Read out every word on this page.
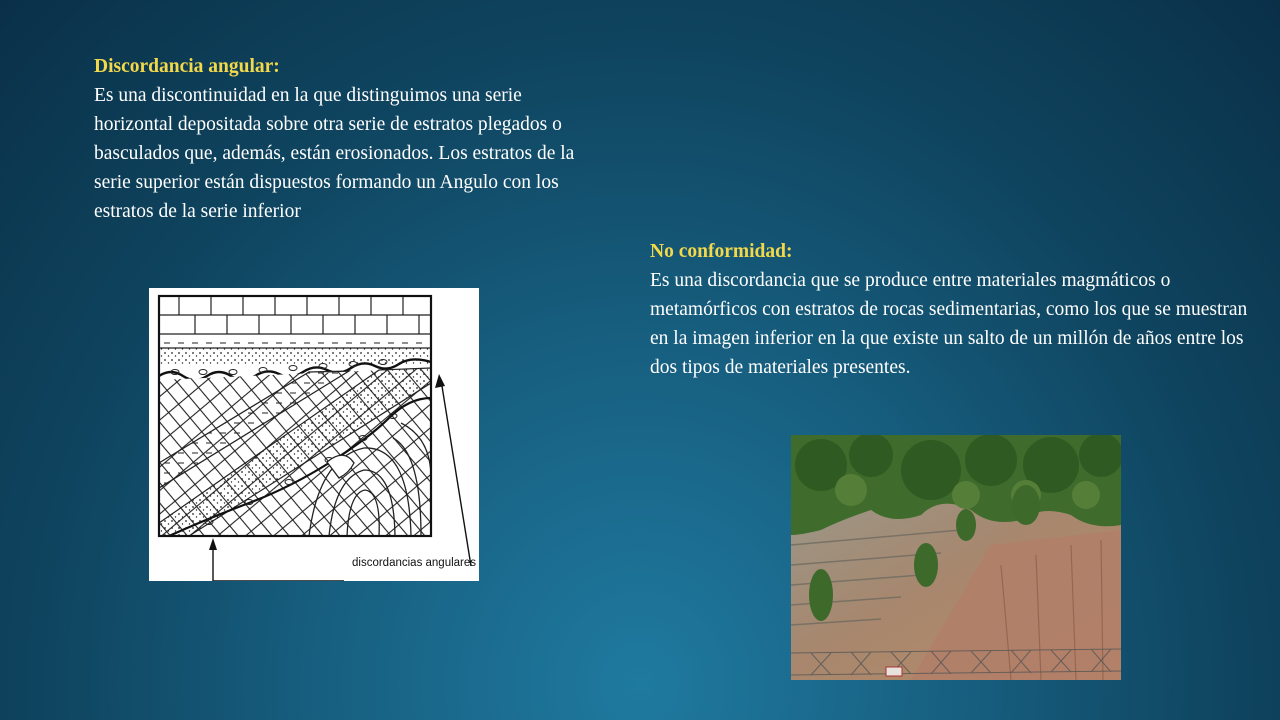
Discordancia angular:
Es una discontinuidad en la que distinguimos una serie horizontal depositada sobre otra serie de estratos plegados o basculados que, además, están erosionados. Los estratos de la serie superior están dispuestos formando un Angulo con los estratos de la serie inferior
No conformidad:
Es una discordancia que se produce entre materiales magmáticos o metamórficos con estratos de rocas sedimentarias, como los que se muestran en la imagen inferior en la que existe un salto de un millón de años entre los dos tipos de materiales presentes.
discordancias angulares
